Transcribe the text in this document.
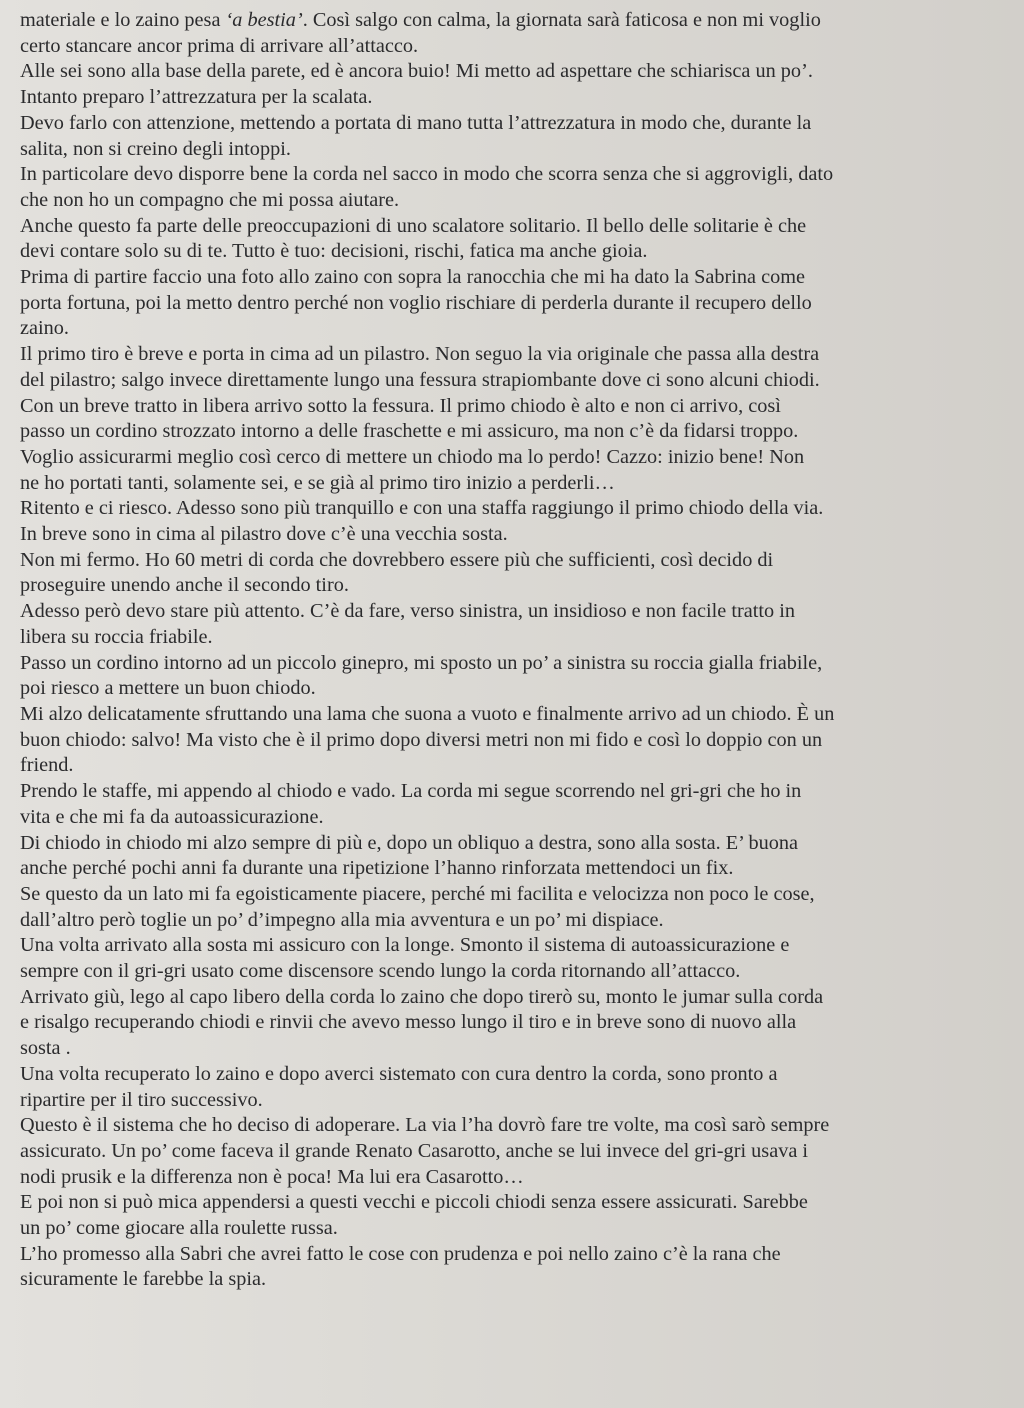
materiale e lo zaino pesa ‘a bestia’. Così salgo con calma, la giornata sarà faticosa e non mi voglio
certo stancare ancor prima di arrivare all’attacco.
Alle sei sono alla base della parete, ed è ancora buio! Mi metto ad aspettare che schiarisca un po’.
Intanto preparo l’attrezzatura per la scalata.
Devo farlo con attenzione, mettendo a portata di mano tutta l’attrezzatura in modo che, durante la
salita, non si creino degli intoppi.
In particolare devo disporre bene la corda nel sacco in modo che scorra senza che si aggrovigli, dato
che non ho un compagno che mi possa aiutare.
Anche questo fa parte delle preoccupazioni di uno scalatore solitario. Il bello delle solitarie è che
devi contare solo su di te. Tutto è tuo: decisioni, rischi, fatica ma anche gioia.
Prima di partire faccio una foto allo zaino con sopra la ranocchia che mi ha dato la Sabrina come
porta fortuna, poi la metto dentro perché non voglio rischiare di perderla durante il recupero dello
zaino.
Il primo tiro è breve e porta in cima ad un pilastro. Non seguo la via originale che passa alla destra
del pilastro; salgo invece direttamente lungo una fessura strapiombante dove ci sono alcuni chiodi.
Con un breve tratto in libera arrivo sotto la fessura. Il primo chiodo è alto e non ci arrivo, così
passo un cordino strozzato intorno a delle fraschette e mi assicuro, ma non c’è da fidarsi troppo.
Voglio assicurarmi meglio così cerco di mettere un chiodo ma lo perdo! Cazzo: inizio bene! Non
ne ho portati tanti, solamente sei, e se già al primo tiro inizio a perderli…
Ritento e ci riesco. Adesso sono più tranquillo e con una staffa raggiungo il primo chiodo della via.
In breve sono in cima al pilastro dove c’è una vecchia sosta.
Non mi fermo. Ho 60 metri di corda che dovrebbero essere più che sufficienti, così decido di
proseguire unendo anche il secondo tiro.
Adesso però devo stare più attento. C’è da fare, verso sinistra, un insidioso e non facile tratto in
libera su roccia friabile.
Passo un cordino intorno ad un piccolo ginepro, mi sposto un po’ a sinistra su roccia gialla friabile,
poi riesco a mettere un buon chiodo.
Mi alzo delicatamente sfruttando una lama che suona a vuoto e finalmente arrivo ad un chiodo. È un
buon chiodo: salvo! Ma visto che è il primo dopo diversi metri non mi fido e così lo doppio con un
friend.
Prendo le staffe, mi appendo al chiodo e vado. La corda mi segue scorrendo nel gri-gri che ho in
vita e che mi fa da autoassicurazione.
Di chiodo in chiodo mi alzo sempre di più e, dopo un obliquo a destra, sono alla sosta. E’ buona
anche perché pochi anni fa durante una ripetizione l’hanno rinforzata mettendoci un fix.
Se questo da un lato mi fa egoisticamente piacere, perché mi facilita e velocizza non poco le cose,
dall’altro però toglie un po’ d’impegno alla mia avventura e un po’ mi dispiace.
Una volta arrivato alla sosta mi assicuro con la longe. Smonto il sistema di autoassicurazione e
sempre con il gri-gri usato come discensore scendo lungo la corda ritornando all’attacco.
Arrivato giù, lego al capo libero della corda lo zaino che dopo tirerò su, monto le jumar sulla corda
e risalgo recuperando chiodi e rinvii che avevo messo lungo il tiro e in breve sono di nuovo alla
sosta .
Una volta recuperato lo zaino e dopo averci sistemato con cura dentro la corda, sono pronto a
ripartire per il tiro successivo.
Questo è il sistema che ho deciso di adoperare. La via l’ha dovrò fare tre volte, ma così sarò sempre
assicurato. Un po’ come faceva il grande Renato Casarotto, anche se lui invece del gri-gri usava i
nodi prusik e la differenza non è poca! Ma lui era Casarotto…
E poi non si può mica appendersi a questi vecchi e piccoli chiodi senza essere assicurati. Sarebbe
un po’ come giocare alla roulette russa.
L’ho promesso alla Sabri che avrei fatto le cose con prudenza e poi nello zaino c’è la rana che
sicuramente le farebbe la spia.
